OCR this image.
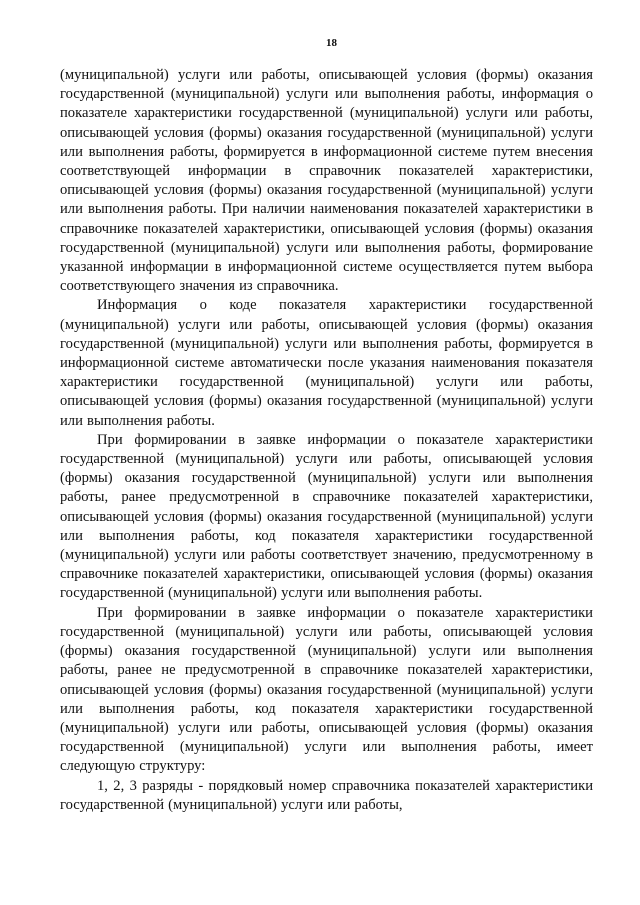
18

(муниципальной) услуги или работы, описывающей условия (формы) оказания государственной (муниципальной) услуги или выполнения работы, информация о показателе характеристики государственной (муниципальной) услуги или работы, описывающей условия (формы) оказания государственной (муниципальной) услуги или выполнения работы, формируется в информационной системе путем внесения соответствующей информации в справочник показателей характеристики, описывающей условия (формы) оказания государственной (муниципальной) услуги или выполнения работы. При наличии наименования показателей характеристики в справочнике показателей характеристики, описывающей условия (формы) оказания государственной (муниципальной) услуги или выполнения работы, формирование указанной информации в информационной системе осуществляется путем выбора соответствующего значения из справочника.

Информация о коде показателя характеристики государственной (муниципальной) услуги или работы, описывающей условия (формы) оказания государственной (муниципальной) услуги или выполнения работы, формируется в информационной системе автоматически после указания наименования показателя характеристики государственной (муниципальной) услуги или работы, описывающей условия (формы) оказания государственной (муниципальной) услуги или выполнения работы.

При формировании в заявке информации о показателе характеристики государственной (муниципальной) услуги или работы, описывающей условия (формы) оказания государственной (муниципальной) услуги или выполнения работы, ранее предусмотренной в справочнике показателей характеристики, описывающей условия (формы) оказания государственной (муниципальной) услуги или выполнения работы, код показателя характеристики государственной (муниципальной) услуги или работы соответствует значению, предусмотренному в справочнике показателей характеристики, описывающей условия (формы) оказания государственной (муниципальной) услуги или выполнения работы.

При формировании в заявке информации о показателе характеристики государственной (муниципальной) услуги или работы, описывающей условия (формы) оказания государственной (муниципальной) услуги или выполнения работы, ранее не предусмотренной в справочнике показателей характеристики, описывающей условия (формы) оказания государственной (муниципальной) услуги или выполнения работы, код показателя характеристики государственной (муниципальной) услуги или работы, описывающей условия (формы) оказания государственной (муниципальной) услуги или выполнения работы, имеет следующую структуру:

1, 2, 3 разряды - порядковый номер справочника показателей характеристики государственной (муниципальной) услуги или работы,
